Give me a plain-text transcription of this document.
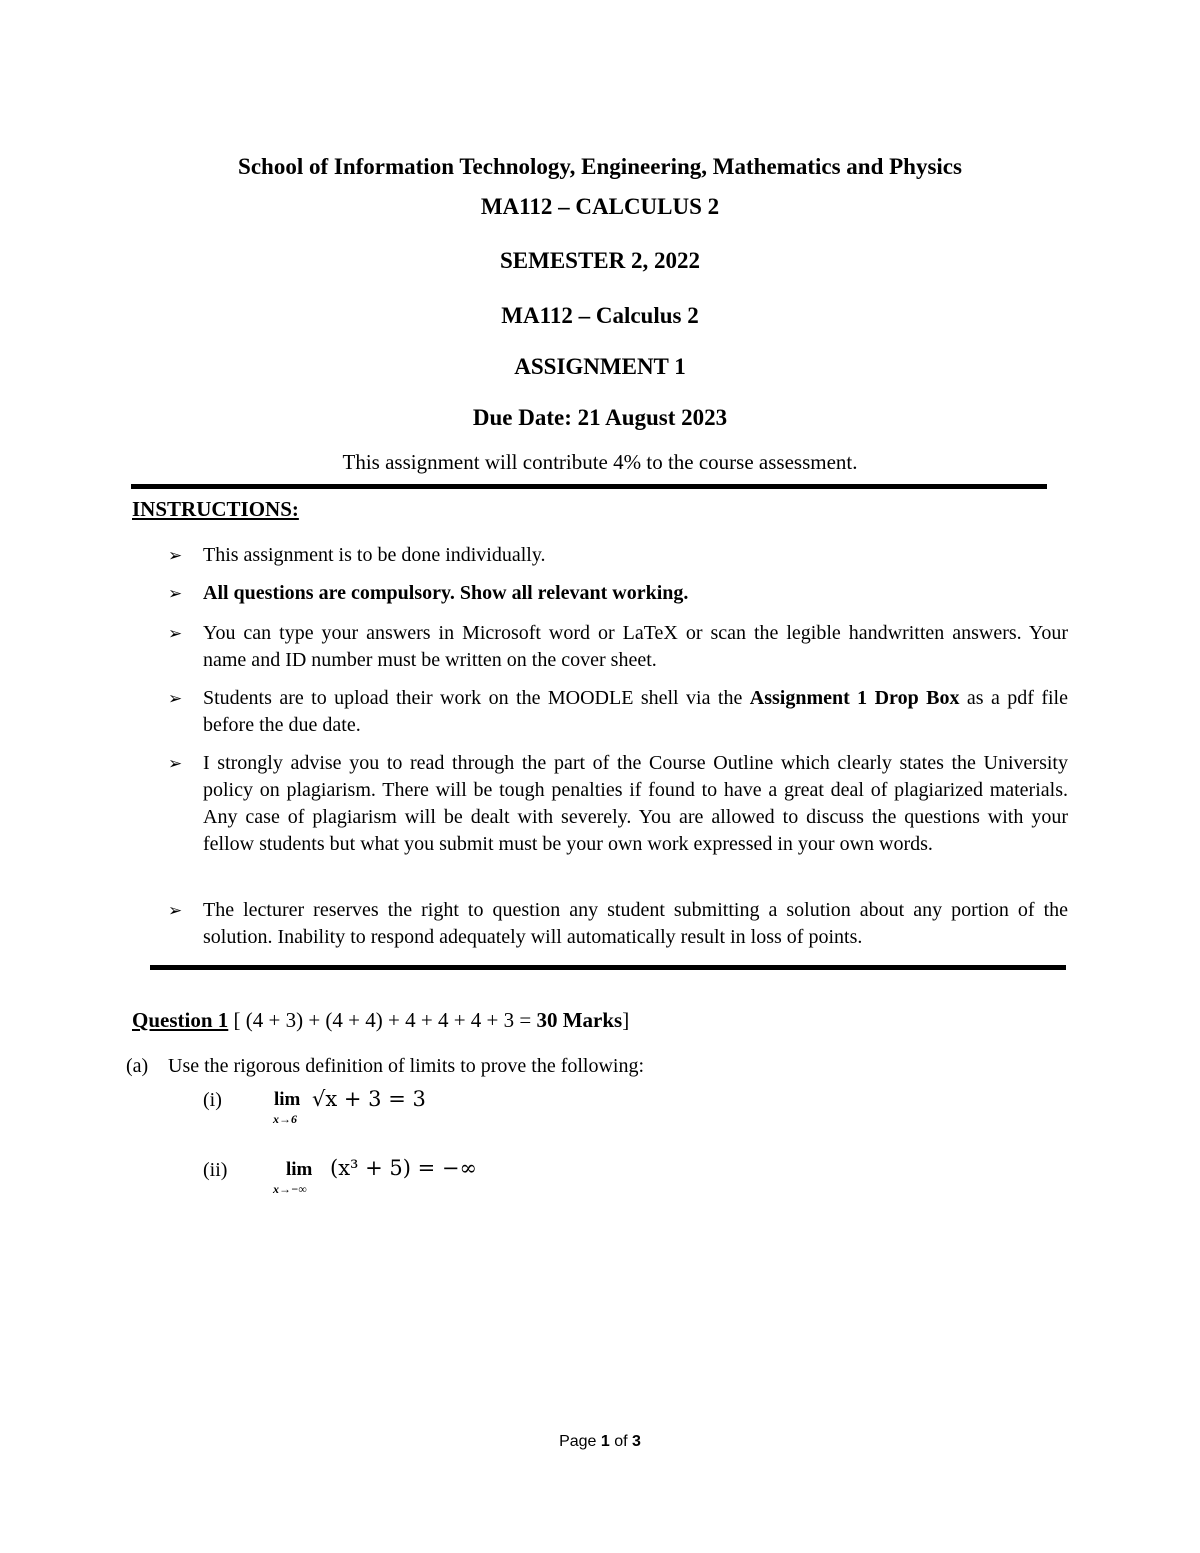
School of Information Technology, Engineering, Mathematics and Physics
MA112 – CALCULUS 2
SEMESTER 2, 2022
MA112 – Calculus 2
ASSIGNMENT 1
Due Date: 21 August 2023
This assignment will contribute 4% to the course assessment.
INSTRUCTIONS:
➢ This assignment is to be done individually.
➢ All questions are compulsory. Show all relevant working.
➢ You can type your answers in Microsoft word or LaTeX or scan the legible handwritten answers. Your name and ID number must be written on the cover sheet.
➢ Students are to upload their work on the MOODLE shell via the Assignment 1 Drop Box as a pdf file before the due date.
➢ I strongly advise you to read through the part of the Course Outline which clearly states the University policy on plagiarism. There will be tough penalties if found to have a great deal of plagiarized materials. Any case of plagiarism will be dealt with severely. You are allowed to discuss the questions with your fellow students but what you submit must be your own work expressed in your own words.
➢ The lecturer reserves the right to question any student submitting a solution about any portion of the solution. Inability to respond adequately will automatically result in loss of points.
Question 1 [ (4 + 3) + (4 + 4) + 4 + 4 + 4 + 3 = 30 Marks]
(a) Use the rigorous definition of limits to prove the following:
(i)	lim
x→6
√x + 3 = 3
(ii)	lim
x→−∞
(x³ + 5) = −∞
Page 1 of 3
